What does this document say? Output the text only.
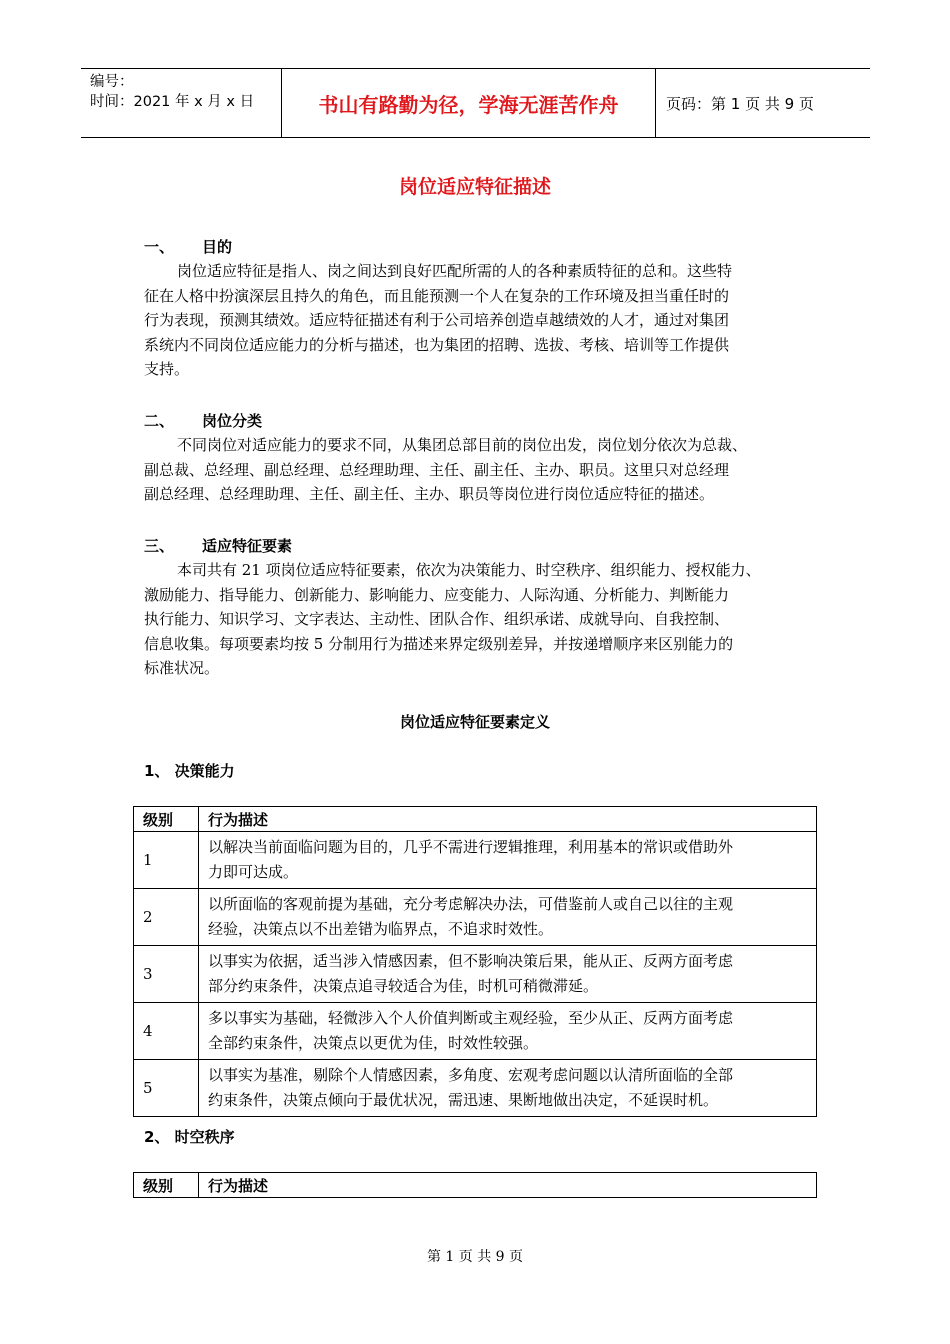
编号：
时间：2021 年 x 月 x 日	书山有路勤为径，学海无涯苦作舟	页码：第 1 页 共 9 页
岗位适应特征描述
一、 目的
岗位适应特征是指人、岗之间达到良好匹配所需的人的各种素质特征的总和。这些特
征在人格中扮演深层且持久的角色，而且能预测一个人在复杂的工作环境及担当重任时的
行为表现，预测其绩效。适应特征描述有利于公司培养创造卓越绩效的人才，通过对集团
系统内不同岗位适应能力的分析与描述，也为集团的招聘、选拔、考核、培训等工作提供
支持。
二、 岗位分类
不同岗位对适应能力的要求不同，从集团总部目前的岗位出发，岗位划分依次为总裁、
副总裁、总经理、副总经理、总经理助理、主任、副主任、主办、职员。这里只对总经理
副总经理、总经理助理、主任、副主任、主办、职员等岗位进行岗位适应特征的描述。
三、 适应特征要素
本司共有 21 项岗位适应特征要素，依次为决策能力、时空秩序、组织能力、授权能力、
激励能力、指导能力、创新能力、影响能力、应变能力、人际沟通、分析能力、判断能力
执行能力、知识学习、文字表达、主动性、团队合作、组织承诺、成就导向、自我控制、
信息收集。每项要素均按 5 分制用行为描述来界定级别差异，并按递增顺序来区别能力的
标准状况。
岗位适应特征要素定义
1、 决策能力
级别	行为描述
1	以解决当前面临问题为目的，几乎不需进行逻辑推理，利用基本的常识或借助外
力即可达成。

2	以所面临的客观前提为基础，充分考虑解决办法，可借鉴前人或自己以往的主观
经验，决策点以不出差错为临界点，不追求时效性。

3	以事实为依据，适当涉入情感因素，但不影响决策后果，能从正、反两方面考虑
部分约束条件，决策点追寻较适合为佳，时机可稍微滞延。

4	多以事实为基础，轻微涉入个人价值判断或主观经验，至少从正、反两方面考虑
全部约束条件，决策点以更优为佳，时效性较强。

5	以事实为基准，剔除个人情感因素，多角度、宏观考虑问题以认清所面临的全部
约束条件，决策点倾向于最优状况，需迅速、果断地做出决定，不延误时机。
2、 时空秩序
级别	行为描述
第 1 页 共 9 页
